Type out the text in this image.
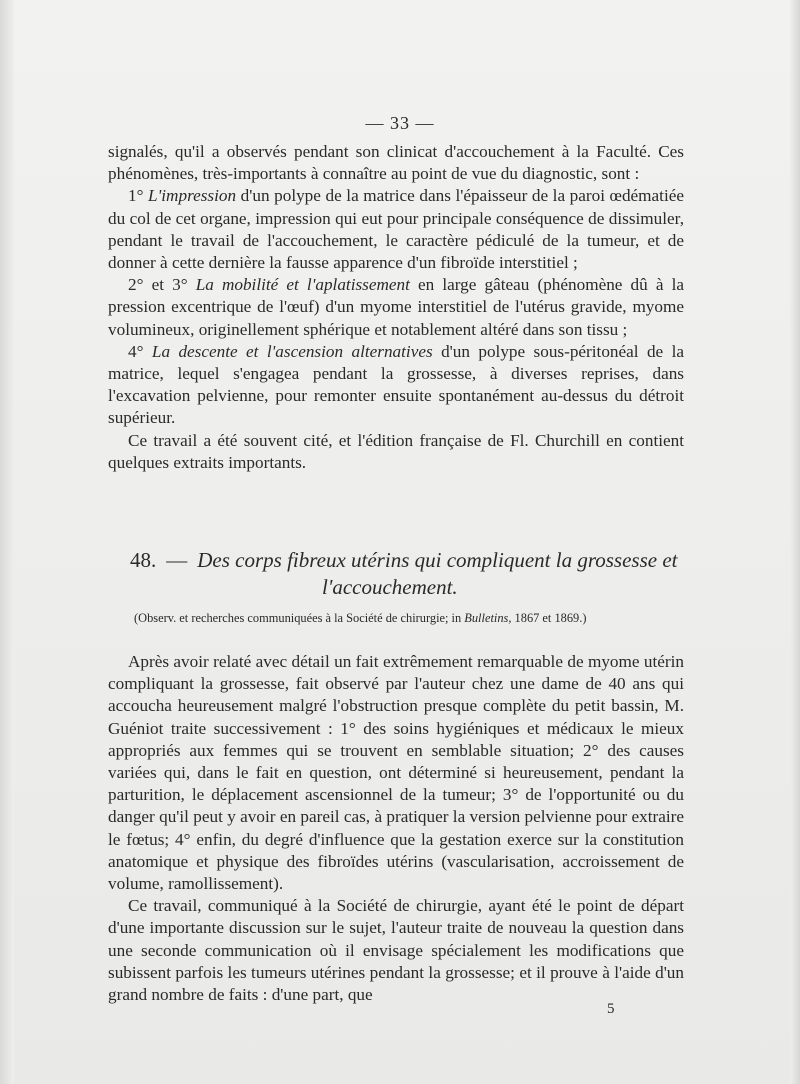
— 33 —

signalés, qu'il a observés pendant son clinicat d'accouchement à la Faculté. Ces phénomènes, très-importants à connaître au point de vue du diagnostic, sont :

1° L'impression d'un polype de la matrice dans l'épaisseur de la paroi œdématiée du col de cet organe, impression qui eut pour principale conséquence de dissimuler, pendant le travail de l'accouchement, le caractère pédiculé de la tumeur, et de donner à cette dernière la fausse apparence d'un fibroïde interstitiel ;

2° et 3° La mobilité et l'aplatissement en large gâteau (phénomène dû à la pression excentrique de l'œuf) d'un myome interstitiel de l'utérus gravide, myome volumineux, originellement sphérique et notablement altéré dans son tissu ;

4° La descente et l'ascension alternatives d'un polype sous-péritonéal de la matrice, lequel s'engagea pendant la grossesse, à diverses reprises, dans l'excavation pelvienne, pour remonter ensuite spontanément au-dessus du détroit supérieur.

Ce travail a été souvent cité, et l'édition française de Fl. Churchill en contient quelques extraits importants.

48. — Des corps fibreux utérins qui compliquent la grossesse et
l'accouchement.
(Observ. et recherches communiquées à la Société de chirurgie; in Bulletins, 1867 et 1869.)

Après avoir relaté avec détail un fait extrêmement remarquable de myome utérin compliquant la grossesse, fait observé par l'auteur chez une dame de 40 ans qui accoucha heureusement malgré l'obstruction presque complète du petit bassin, M. Guéniot traite successivement : 1° des soins hygiéniques et médicaux le mieux appropriés aux femmes qui se trouvent en semblable situation; 2° des causes variées qui, dans le fait en question, ont déterminé si heureusement, pendant la parturition, le déplacement ascensionnel de la tumeur; 3° de l'opportunité ou du danger qu'il peut y avoir en pareil cas, à pratiquer la version pelvienne pour extraire le fœtus; 4° enfin, du degré d'influence que la gestation exerce sur la constitution anatomique et physique des fibroïdes utérins (vascularisation, accroissement de volume, ramollissement).

Ce travail, communiqué à la Société de chirurgie, ayant été le point de départ d'une importante discussion sur le sujet, l'auteur traite de nouveau la question dans une seconde communication où il envisage spécialement les modifications que subissent parfois les tumeurs utérines pendant la grossesse; et il prouve à l'aide d'un grand nombre de faits : d'une part, que

5
